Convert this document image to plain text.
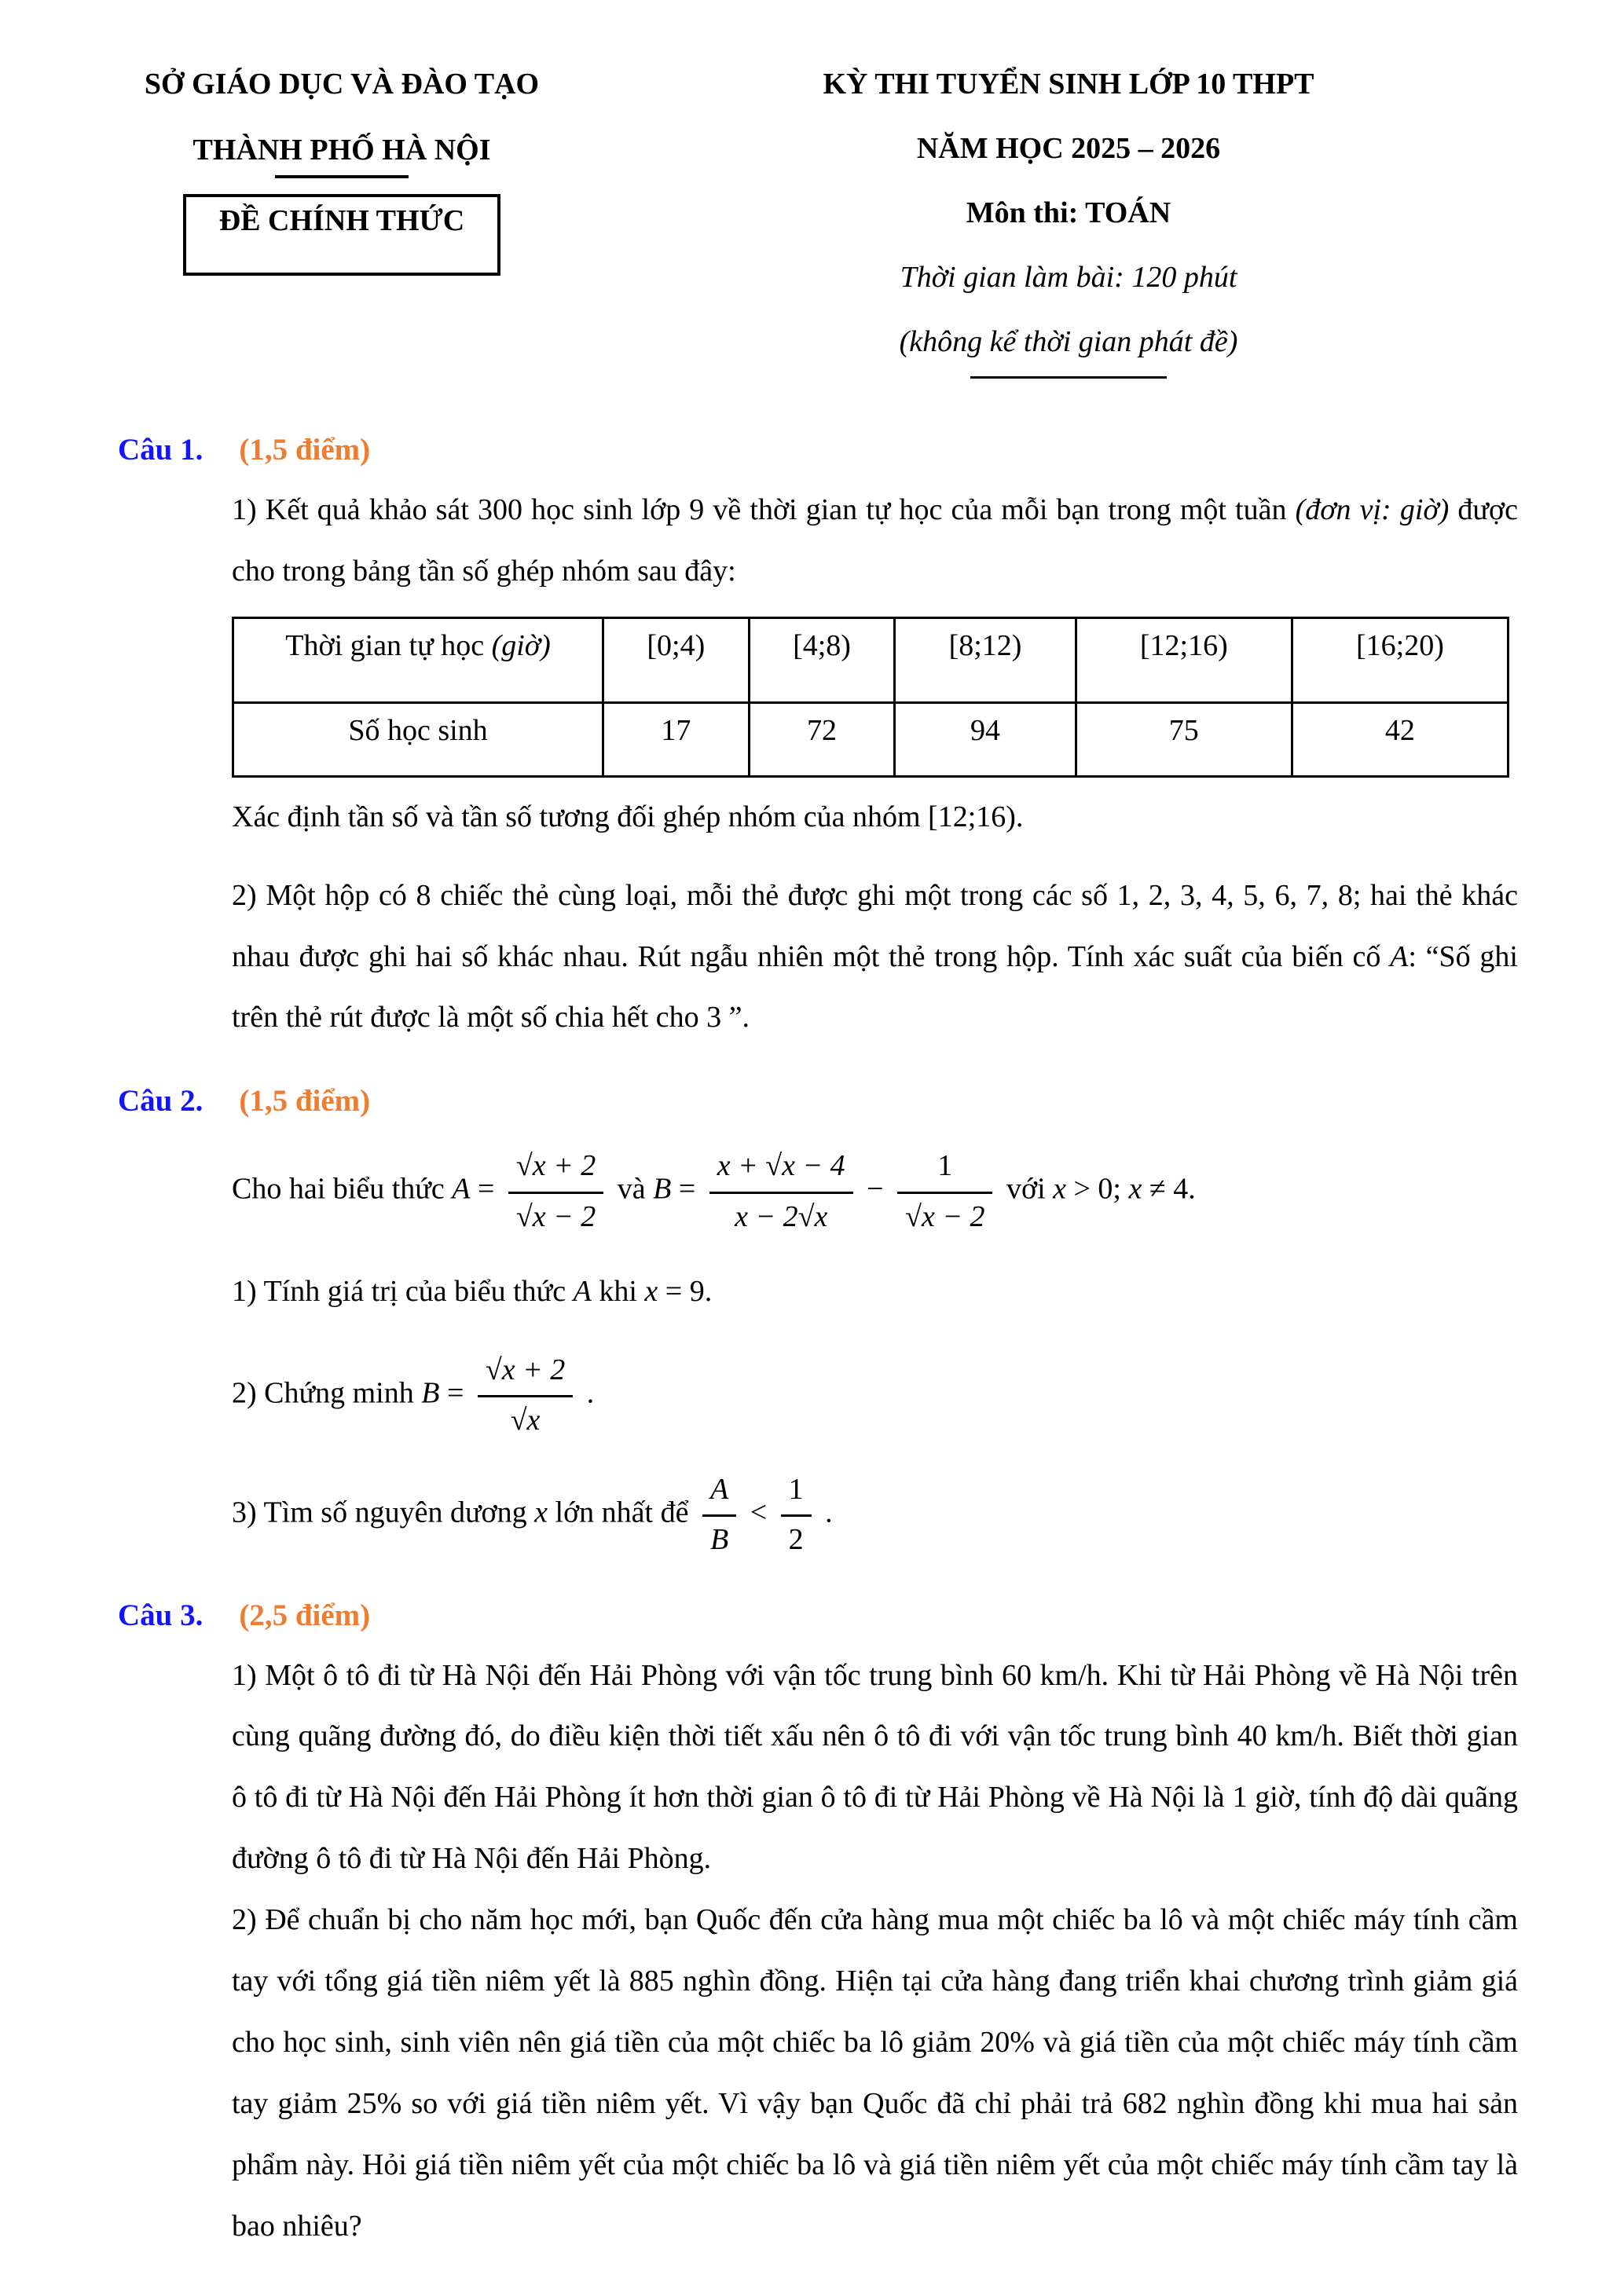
SỞ GIÁO DỤC VÀ ĐÀO TẠO
THÀNH PHỐ HÀ NỘI
ĐỀ CHÍNH THỨC
KỲ THI TUYỂN SINH LỚP 10 THPT
NĂM HỌC 2025 – 2026
Môn thi: TOÁN
Thời gian làm bài: 120 phút
(không kể thời gian phát đề)
Câu 1. (1,5 điểm)

1) Kết quả khảo sát 300 học sinh lớp 9 về thời gian tự học của mỗi bạn trong một tuần (đơn vị: giờ) được cho trong bảng tần số ghép nhóm sau đây:

Thời gian tự học (giờ)	[0;4)	[4;8)	[8;12)	[12;16)	[16;20)
Số học sinh	17	72	94	75	42

Xác định tần số và tần số tương đối ghép nhóm của nhóm [12;16).

2) Một hộp có 8 chiếc thẻ cùng loại, mỗi thẻ được ghi một trong các số 1, 2, 3, 4, 5, 6, 7, 8; hai thẻ khác nhau được ghi hai số khác nhau. Rút ngẫu nhiên một thẻ trong hộp. Tính xác suất của biến cố A: “Số ghi trên thẻ rút được là một số chia hết cho 3 ”.

Câu 2. (1,5 điểm)
Cho hai biểu thức $A = \frac{√x + 2}{√x - 2}$ và $B = \frac{x + √x - 4}{x - 2√x} - \frac{1}{√x - 2}$ với x > 0; x ≠ 4.
1) Tính giá trị của biểu thức A khi x = 9.
2) Chứng minh $B = \frac{√x + 2}{√x}$ .
3) Tìm số nguyên dương x lớn nhất để $\frac{A}{B} < \frac{1}{2}$ .
Câu 3. (2,5 điểm)

1) Một ô tô đi từ Hà Nội đến Hải Phòng với vận tốc trung bình 60 km/h. Khi từ Hải Phòng về Hà Nội trên cùng quãng đường đó, do điều kiện thời tiết xấu nên ô tô đi với vận tốc trung bình 40 km/h. Biết thời gian ô tô đi từ Hà Nội đến Hải Phòng ít hơn thời gian ô tô đi từ Hải Phòng về Hà Nội là 1 giờ, tính độ dài quãng đường ô tô đi từ Hà Nội đến Hải Phòng.

2) Để chuẩn bị cho năm học mới, bạn Quốc đến cửa hàng mua một chiếc ba lô và một chiếc máy tính cầm tay với tổng giá tiền niêm yết là 885 nghìn đồng. Hiện tại cửa hàng đang triển khai chương trình giảm giá cho học sinh, sinh viên nên giá tiền của một chiếc ba lô giảm 20% và giá tiền của một chiếc máy tính cầm tay giảm 25% so với giá tiền niêm yết. Vì vậy bạn Quốc đã chỉ phải trả 682 nghìn đồng khi mua hai sản phẩm này. Hỏi giá tiền niêm yết của một chiếc ba lô và giá tiền niêm yết của một chiếc máy tính cầm tay là bao nhiêu?
